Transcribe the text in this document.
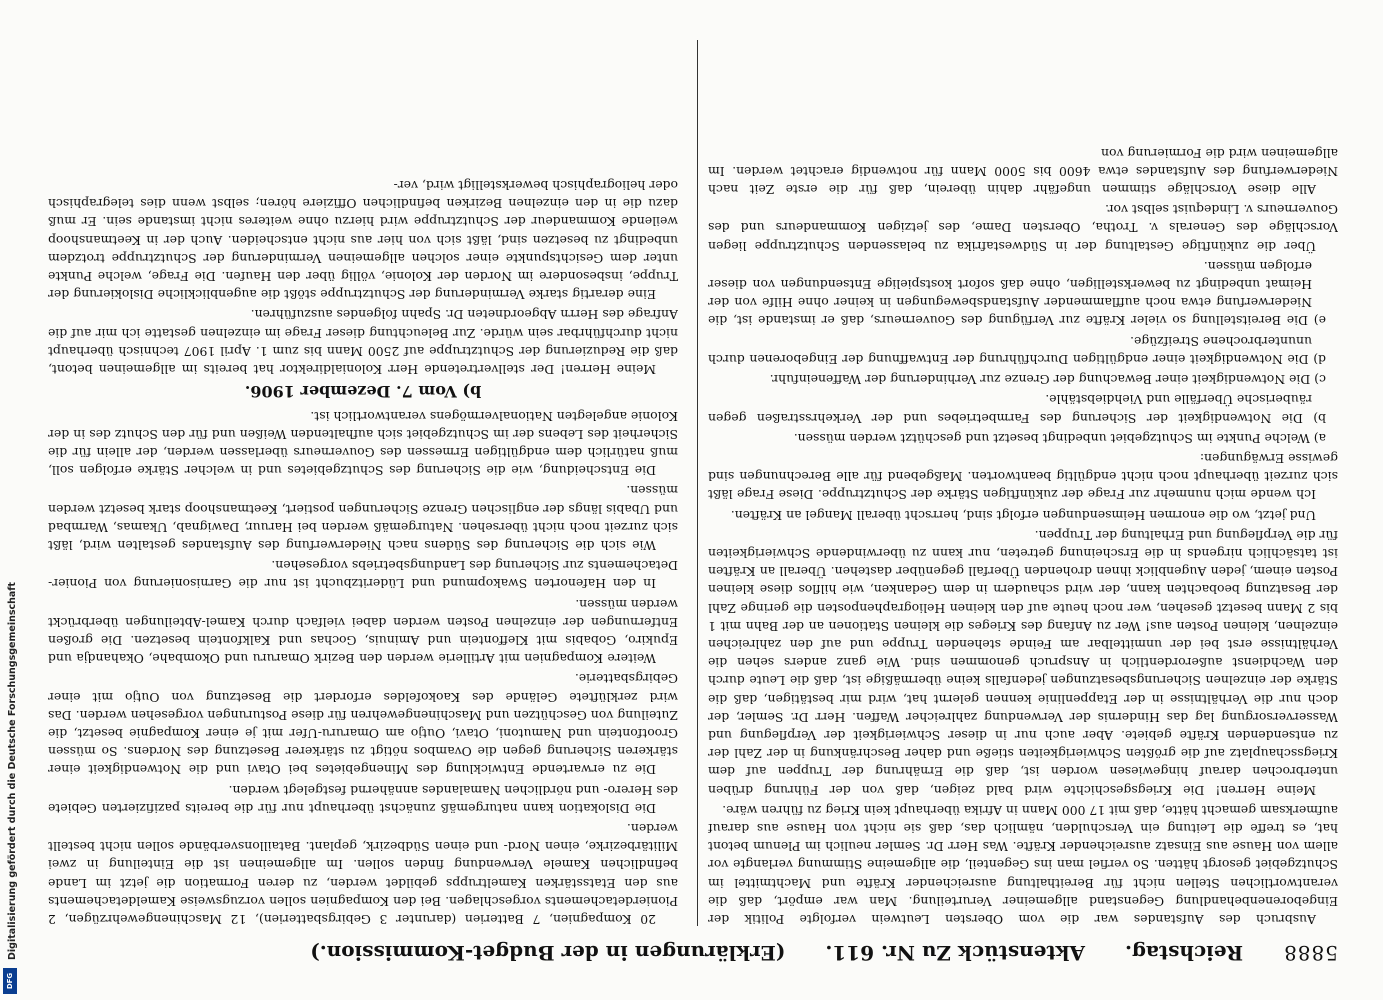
5888
Reichstag.
Aktenstück Zu Nr. 611.
(Erklärungen in der Budget-Kommission.)

Ausbruch des Aufstandes war die vom Obersten Leutwein verfolgte Politik der Eingeborenenbehandlung Gegenstand allgemeiner Verurteilung. Man war empört, daß die verantwortlichen Stellen nicht für Bereithaltung ausreichender Kräfte und Machtmittel im Schutzgebiet gesorgt hätten. So verfiel man ins Gegenteil, die allgemeine Stimmung verlangte vor allem von Hause aus Einsatz ausreichender Kräfte. Was Herr Dr. Semler neulich im Plenum betont hat, es treffe die Leitung ein Verschulden, nämlich das, daß sie nicht von Hause aus darauf aufmerksam gemacht hätte, daß mit 17 000 Mann in Afrika überhaupt kein Krieg zu führen wäre.

Meine Herren! Die Kriegsgeschichte wird bald zeigen, daß von der Führung drüben unterbrochen darauf hingewiesen worden ist, daß die Ernährung der Truppen auf dem Kriegsschauplatz auf die größten Schwierigkeiten stieße und daher Beschränkung in der Zahl der zu entsendenden Kräfte gebiete. Aber auch nur in dieser Schwierigkeit der Verpflegung und Wasserversorgung lag das Hindernis der Verwendung zahlreicher Waffen. Herr Dr. Semler, der doch nur die Verhältnisse in der Etappenlinie kennen gelernt hat, wird mir bestätigen, daß die Stärke der einzelnen Sicherungsbesatzungen jedenfalls keine übermäßige ist, daß die Leute durch den Wachdienst außerordentlich in Anspruch genommen sind. Wie ganz anders sehen die Verhältnisse erst bei der unmittelbar am Feinde stehenden Truppe und auf den zahlreichen einzelnen, kleinen Posten aus! Wer zu Anfang des Krieges die kleinen Stationen an der Bahn mit 1 bis 2 Mann besetzt gesehen, wer noch heute auf den kleinen Heliographenposten die geringe Zahl der Besatzung beobachten kann, der wird schaudern in dem Gedanken, wie hilflos diese kleinen Posten einem, jeden Augenblick ihnen drohenden Überfall gegenüber dastehen. Überall an Kräften ist tatsächlich nirgends in die Erscheinung getreten, nur kann zu überwindende Schwierigkeiten für die Verpflegung und Erhaltung der Truppen.

Und jetzt, wo die enormen Heimsendungen erfolgt sind, herrscht überall Mangel an Kräften.

Ich wende mich nunmehr zur Frage der zukünftigen Stärke der Schutztruppe. Diese Frage läßt sich zurzeit überhaupt noch nicht endgültig beantworten. Maßgebend für alle Berechnungen sind gewisse Erwägungen:

a) Welche Punkte im Schutzgebiet unbedingt besetzt und geschützt werden müssen.
b) Die Notwendigkeit der Sicherung des Farmbetriebes und der Verkehrsstraßen gegen räuberische Überfälle und Viehdiebstähle.
c) Die Notwendigkeit einer Bewachung der Grenze zur Verhinderung der Waffeneinfuhr.
d) Die Notwendigkeit einer endgültigen Durchführung der Entwaffnung der Eingeborenen durch ununterbrochene Streifzüge.
e) Die Bereitstellung so vieler Kräfte zur Verfügung des Gouverneurs, daß er imstande ist, die Niederwerfung etwa noch aufflammender Aufstandsbewegungen in keiner ohne Hilfe von der Heimat unbedingt zu bewerkstelligen, ohne daß sofort kostspielige Entsendungen von dieser erfolgen müssen.

Über die zukünftige Gestaltung der in Südwestafrika zu belassenden Schutztruppe liegen Vorschläge des Generals v. Trotha, Obersten Dame, des jetzigen Kommandeurs und des Gouverneurs v. Lindequist selbst vor.

Alle diese Vorschläge stimmen ungefähr dahin überein, daß für die erste Zeit nach Niederwerfung des Aufstandes etwa 4600 bis 5000 Mann für notwendig erachtet werden. Im allgemeinen wird die Formierung von

20 Kompagnien, 7 Batterien (darunter 3 Gebirgsbatterien), 12 Maschinengewehrzügen, 2 Pionierdetachements vorgeschlagen. Bei den Kompagnien sollen vorzugsweise Kameldetachements aus den Etatsstärken Kameltrupps gebildet werden, zu deren Formation die jetzt im Lande befindlichen Kamele Verwendung finden sollen. Im allgemeinen ist die Einteilung in zwei Militärbezirke, einen Nord- und einen Südbezirk, geplant. Bataillonsverbände sollen nicht bestellt werden.

Die Dislokation kann naturgemäß zunächst überhaupt nur für die bereits pazifizierten Gebiete des Herero- und nördlichen Namalandes annähernd festgelegt werden.

Die zu erwartende Entwicklung des Minengebietes bei Otavi und die Notwendigkeit einer stärkeren Sicherung gegen die Ovambos nötigt zu stärkerer Besetzung des Nordens. So müssen Grootfontein und Namutoni, Otavi, Outjo am Omaruru-Ufer mit je einer Kompagnie besetzt, die Zuteilung von Geschützen und Maschinengewehren für diese Posturungen vorgesehen werden. Das wird zerklüftete Gelände des Kaokofeldes erfordert die Besetzung von Outjo mit einer Gebirgsbatterie.

Weitere Kompagnien mit Artillerie werden den Bezirk Omaruru und Okombahe, Okahandja und Epukiro, Gobabis mit Kleffontein und Aminuis, Gochas und Kalkfontein besetzen. Die großen Entfernungen der einzelnen Posten werden dabei vielfach durch Kamel-Abteilungen überbrückt werden müssen.

In den Hafenorten Swakopmund und Lüderitzbucht ist nur die Garnisonierung von Pionier-Detachements zur Sicherung des Landungsbetriebs vorgesehen.

Wie sich die Sicherung des Südens nach Niederwerfung des Aufstandes gestalten wird, läßt sich zurzeit noch nicht übersehen. Naturgemäß werden bei Haruur, Dawignab, Ukamas, Warmbad und Ubabis längs der englischen Grenze Sicherungen postiert, Keetmanshoop stark besetzt werden müssen.

Die Entscheidung, wie die Sicherung des Schutzgebietes und in welcher Stärke erfolgen soll, muß natürlich dem endgültigen Ermessen des Gouverneurs überlassen werden, der allein für die Sicherheit des Lebens der im Schutzgebiet sich aufhaltenden Weißen und für den Schutz des in der Kolonie angelegten Nationalvermögens verantwortlich ist.

b) Vom 7. Dezember 1906.

Meine Herren! Der stellvertretende Herr Kolonialdirektor hat bereits im allgemeinen betont, daß die Reduzierung der Schutztruppe auf 2500 Mann bis zum 1. April 1907 technisch überhaupt nicht durchführbar sein würde. Zur Beleuchtung dieser Frage im einzelnen gestatte ich mir auf die Anfrage des Herrn Abgeordneten Dr. Spahn folgendes auszuführen.

Eine derartig starke Verminderung der Schutztruppe stößt die augenblickliche Dislokierung der Truppe, insbesondere im Norden der Kolonie, völlig über den Haufen. Die Frage, welche Punkte unter dem Gesichtspunkte einer solchen allgemeinen Verminderung der Schutztruppe trotzdem unbedingt zu besetzen sind, läßt sich von hier aus nicht entscheiden. Auch der in Keetmanshoop weilende Kommandeur der Schutztruppe wird hierzu ohne weiteres nicht imstande sein. Er muß dazu die in den einzelnen Bezirken befindlichen Offiziere hören; selbst wenn dies telegraphisch oder heliographisch bewerkstelligt wird, ver-

Digitalisierung gefördert durch die Deutsche Forschungsgemeinschaft
DFG
